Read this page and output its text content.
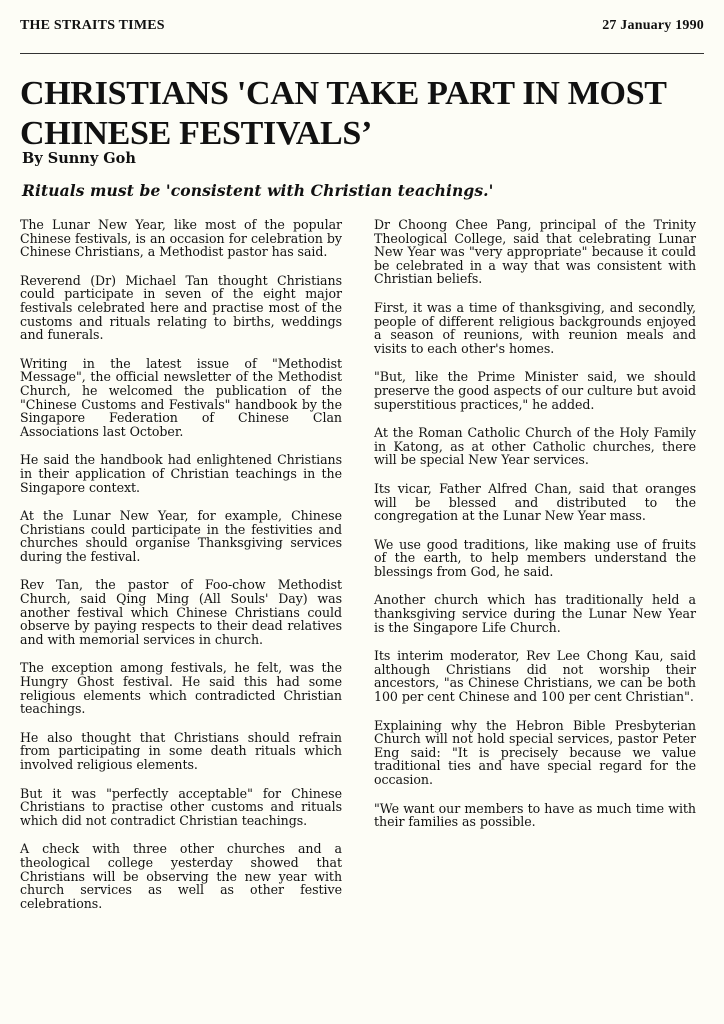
THE STRAITS TIMES	27 January 1990
CHRISTIANS 'CAN TAKE PART IN MOST CHINESE FESTIVALS’
By Sunny Goh
Rituals must be 'consistent with Christian teachings.'

The Lunar New Year, like most of the popular Chinese festivals, is an occasion for celebration by Chinese Christians, a Methodist pastor has said.

Reverend (Dr) Michael Tan thought Christians could participate in seven of the eight major festivals celebrated here and practise most of the customs and rituals relating to births, weddings and funerals.

Writing in the latest issue of "Methodist Message", the official newsletter of the Methodist Church, he welcomed the publication of the "Chinese Customs and Festivals" handbook by the Singapore Federation of Chinese Clan Associations last October.

He said the handbook had enlightened Christians in their application of Christian teachings in the Singapore context.

At the Lunar New Year, for example, Chinese Christians could participate in the festivities and churches should organise Thanksgiving services during the festival.

Rev Tan, the pastor of Foo-chow Methodist Church, said Qing Ming (All Souls' Day) was another festival which Chinese Christians could observe by paying respects to their dead relatives and with memorial services in church.

The exception among festivals, he felt, was the Hungry Ghost festival. He said this had some religious elements which contradicted Christian teachings.

He also thought that Christians should refrain from participating in some death rituals which involved religious elements.

But it was "perfectly acceptable" for Chinese Christians to practise other customs and rituals which did not contradict Christian teachings.

A check with three other churches and a theological college yesterday showed that Christians will be observing the new year with church services as well as other festive celebrations.

Dr Choong Chee Pang, principal of the Trinity Theological College, said that celebrating Lunar New Year was "very appropriate" because it could be celebrated in a way that was consistent with Christian beliefs.

First, it was a time of thanksgiving, and secondly, people of different religious backgrounds enjoyed a season of reunions, with reunion meals and visits to each other's homes.

"But, like the Prime Minister said, we should preserve the good aspects of our culture but avoid superstitious practices," he added.

At the Roman Catholic Church of the Holy Family in Katong, as at other Catholic churches, there will be special New Year services.

Its vicar, Father Alfred Chan, said that oranges will be blessed and distributed to the congregation at the Lunar New Year mass.

We use good traditions, like making use of fruits of the earth, to help members understand the blessings from God, he said.

Another church which has traditionally held a thanksgiving service during the Lunar New Year is the Singapore Life Church.

Its interim moderator, Rev Lee Chong Kau, said although Christians did not worship their ancestors, "as Chinese Christians, we can be both 100 per cent Chinese and 100 per cent Christian".

Explaining why the Hebron Bible Presbyterian Church will not hold special services, pastor Peter Eng said: "It is precisely because we value traditional ties and have special regard for the occasion.

"We want our members to have as much time with their families as possible.
